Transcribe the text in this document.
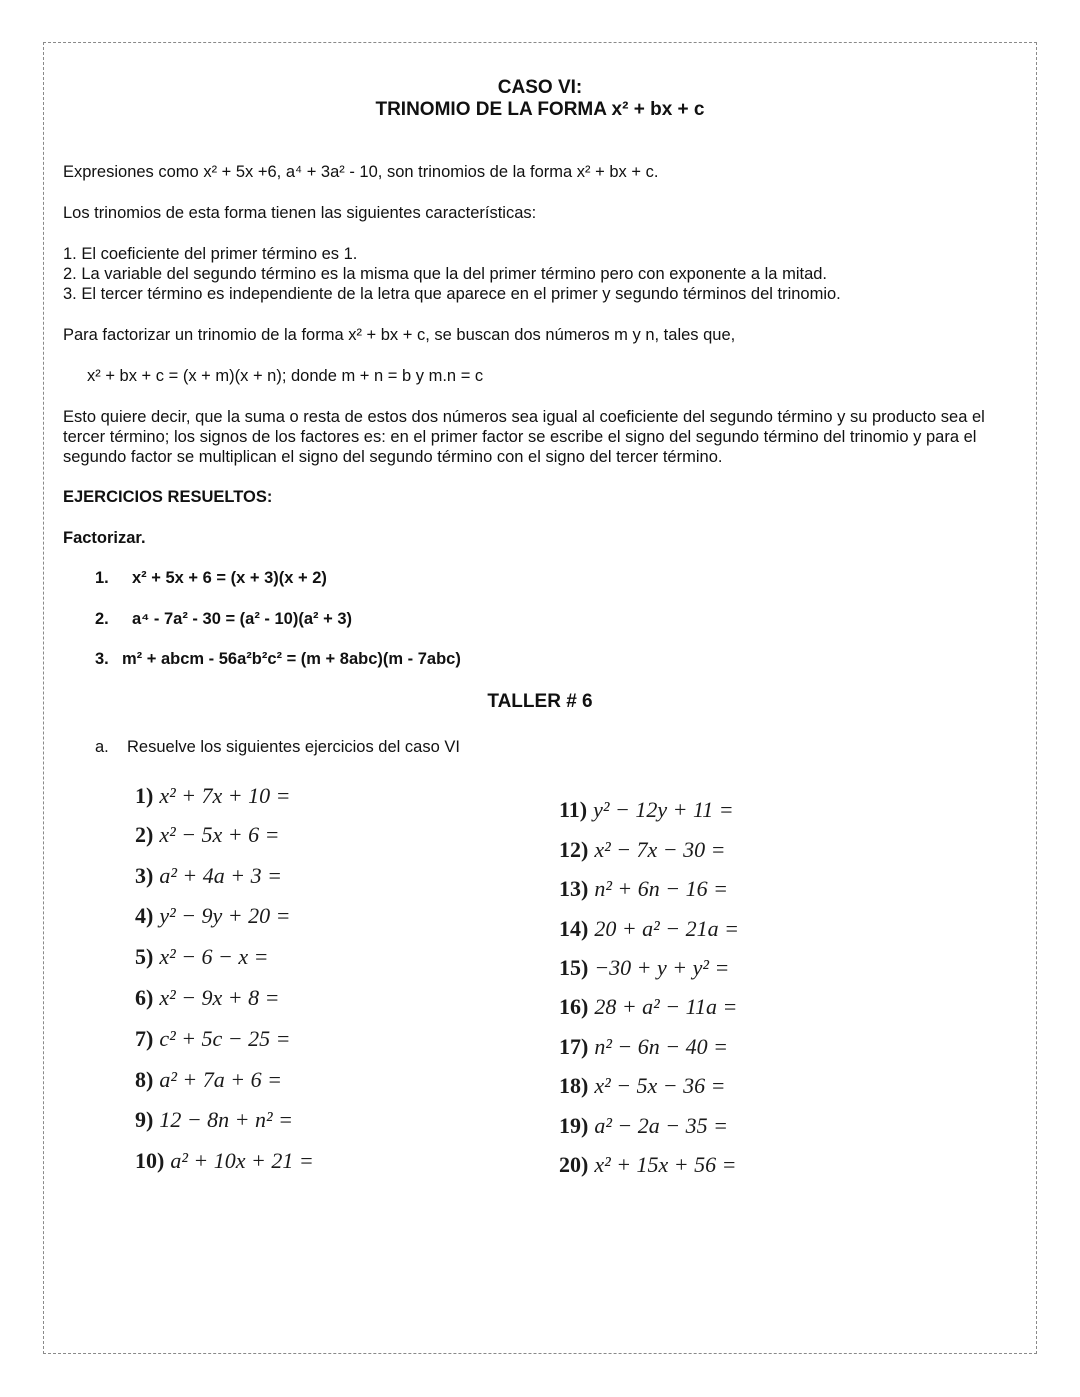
CASO VI:
TRINOMIO DE LA FORMA x² + bx + c
Expresiones como x² + 5x +6, a⁴ + 3a² - 10, son trinomios de la forma x² + bx + c.
Los trinomios de esta forma tienen las siguientes características:
1. El coeficiente del primer término es 1.
2. La variable del segundo término es la misma que la del primer término pero con exponente a la mitad.
3. El tercer término es independiente de la letra que aparece en el primer y segundo términos del trinomio.
Para factorizar un trinomio de la forma x² + bx + c, se buscan dos números m y n, tales que,
x² + bx + c = (x + m)(x + n); donde m + n = b y m.n = c
Esto quiere decir, que la suma o resta de estos dos números sea igual al coeficiente del segundo término y su producto sea el tercer término; los signos de los factores es: en el primer factor se escribe el signo del segundo término del trinomio y para el segundo factor se multiplican el signo del segundo término con el signo del tercer término.
EJERCICIOS RESUELTOS:
Factorizar.
1. x² + 5x + 6 = (x + 3)(x + 2)
2. a⁴ - 7a² - 30 = (a² - 10)(a² + 3)
3. m² + abcm - 56a²b²c² = (m + 8abc)(m - 7abc)
TALLER # 6
a. Resuelve los siguientes ejercicios del caso VI
1) x² + 7x + 10 =
2) x² − 5x + 6 =
3) a² + 4a + 3 =
4) y² − 9y + 20 =
5) x² − 6 − x =
6) x² − 9x + 8 =
7) c² + 5c − 25 =
8) a² + 7a + 6 =
9) 12 − 8n + n² =
10) a² + 10x + 21 =
11) y² − 12y + 11 =
12) x² − 7x − 30 =
13) n² + 6n − 16 =
14) 20 + a² − 21a =
15) −30 + y + y² =
16) 28 + a² − 11a =
17) n² − 6n − 40 =
18) x² − 5x − 36 =
19) a² − 2a − 35 =
20) x² + 15x + 56 =
